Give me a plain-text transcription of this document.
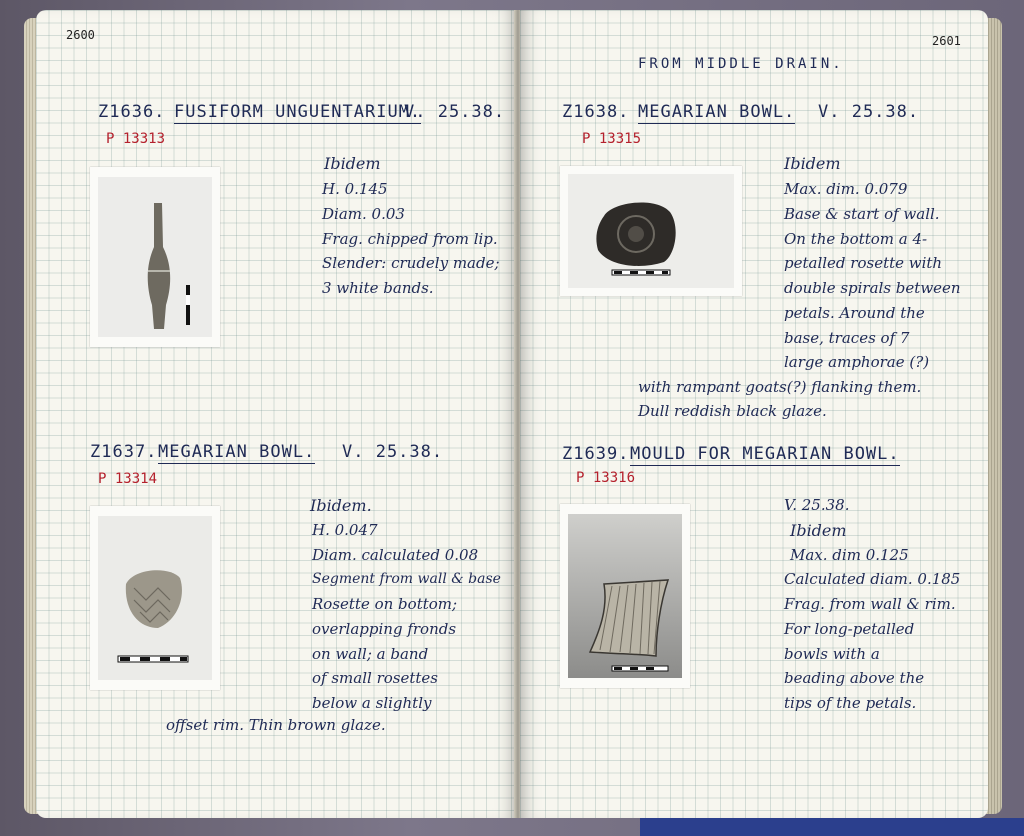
2600
Z1636. FUSIFORM UNGUENTARIUM.
V. 25.38.
P 13313
Ibidem
H. 0.145
Diam. 0.03
Frag. chipped from lip.
Slender: crudely made;
3 white bands.
Z1637. MEGARIAN BOWL. V. 25.38.
P 13314
Ibidem.
H. 0.047
Diam. calculated 0.08
Segment from wall & base
Rosette on bottom;
overlapping fronds
on wall; a band
of small rosettes
below a slightly
offset rim. Thin brown glaze.
2601
FROM MIDDLE DRAIN.
Z1638. MEGARIAN BOWL. V. 25.38.
P 13315
Ibidem
Max. dim. 0.079
Base & start of wall.
On the bottom a 4-
petalled rosette with
double spirals between
petals. Around the
base, traces of 7
large amphorae (?)
with rampant goats(?) flanking them.
Dull reddish black glaze.
Z1639. MOULD FOR MEGARIAN BOWL.
P 13316
V. 25.38.
Ibidem
Max. dim 0.125
Calculated diam. 0.185
Frag. from wall & rim.
For long-petalled
bowls with a
beading above the
tips of the petals.
